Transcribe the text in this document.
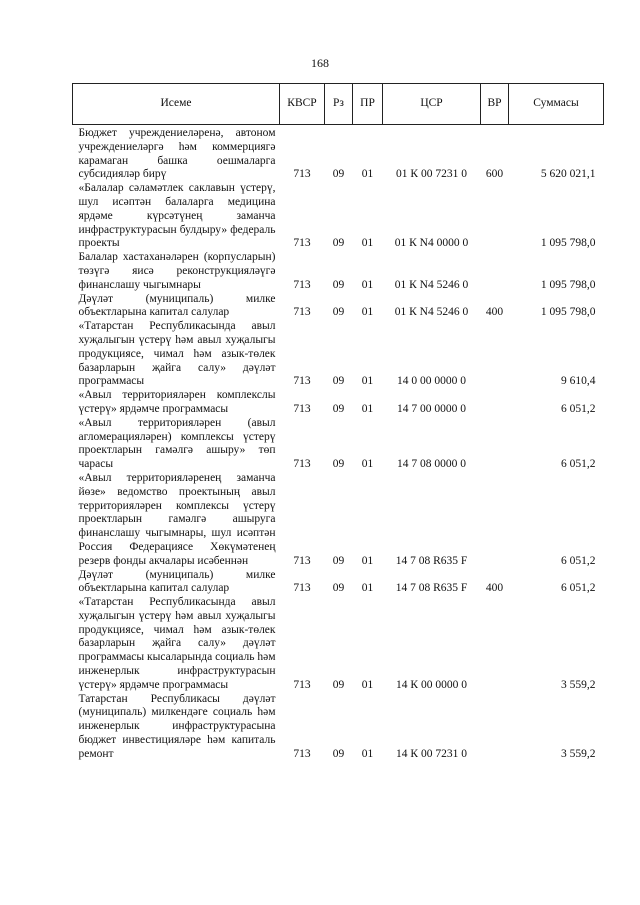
168
Исеме	КВСР	Рз	ПР	ЦСР	ВР	Суммасы
Бюджет учреждениеләренә, автоном учреждениеләргә һәм коммерциягә карамаган башка оешмаларга субсидияләр бирү	713	09	01	01 К 00 7231 0	600	5 620 021,1
«Балалар сәламәтлек саклавын үстерү, шул исәптән балаларга медицина ярдәме күрсәтүнең заманча инфраструктурасын булдыру» федераль проекты	713	09	01	01 К N4 0000 0		1 095 798,0
Балалар хастаханәләрен (корпусларын) төзүгә яисә реконструкцияләүгә финанслашу чыгымнары	713	09	01	01 К N4 5246 0		1 095 798,0
Дәүләт (муниципаль) милке объектларына капитал салулар	713	09	01	01 К N4 5246 0	400	1 095 798,0
«Татарстан Республикасында авыл хуҗалыгын үстерү һәм авыл хуҗалыгы продукциясе, чимал һәм азык-төлек базарларын җайга салу» дәүләт программасы	713	09	01	14 0 00 0000 0		9 610,4
«Авыл территорияләрен комплекслы үстерү» ярдәмче программасы	713	09	01	14 7 00 0000 0		6 051,2
«Авыл территорияләрен (авыл агломерацияләрен) комплексы үстерү проектларын гамәлгә ашыру» төп чарасы	713	09	01	14 7 08 0000 0		6 051,2
«Авыл территорияләренең заманча йөзе» ведомство проектының авыл территорияләрен комплексы үстерү проектларын гамәлгә ашыруга финанслашу чыгымнары, шул исәптән Россия Федерациясе Хөкүмәтенең резерв фонды акчалары исәбеннән	713	09	01	14 7 08 R635 F		6 051,2
Дәүләт (муниципаль) милке объектларына капитал салулар	713	09	01	14 7 08 R635 F	400	6 051,2
«Татарстан Республикасында авыл хуҗалыгын үстерү һәм авыл хуҗалыгы продукциясе, чимал һәм азык-төлек базарларын җайга салу» дәүләт программасы кысаларында социаль һәм инженерлык инфраструктурасын үстерү» ярдәмче программасы	713	09	01	14 К 00 0000 0		3 559,2
Татарстан Республикасы дәүләт (муниципаль) милкендәге социаль һәм инженерлык инфраструктурасына бюджет инвестицияләре һәм капиталь ремонт	713	09	01	14 К 00 7231 0		3 559,2
